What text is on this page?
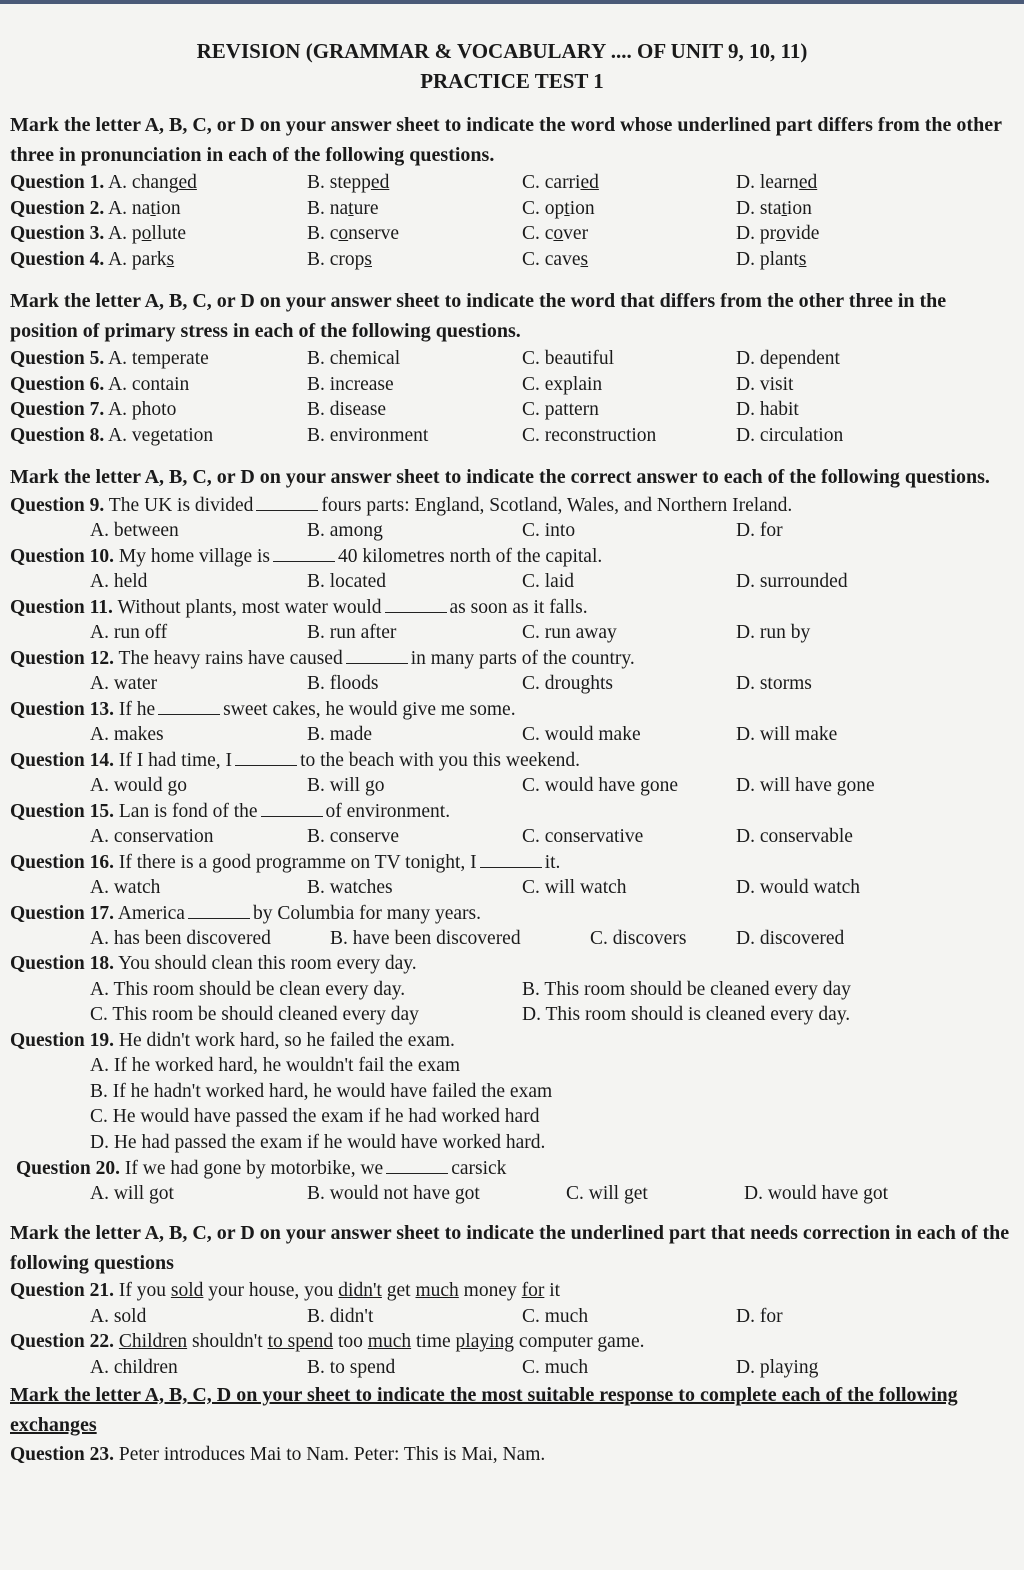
REVISION (GRAMMAR & VOCABULARY .... OF UNIT 9, 10, 11)
PRACTICE TEST 1

Mark the letter A, B, C, or D on your answer sheet to indicate the word whose underlined part differs from the other three in pronunciation in each of the following questions.

Question 1. A. changed	B. stepped	C. carried	D. learned
Question 2. A. nation	B. nature	C. option	D. station
Question 3. A. pollute	B. conserve	C. cover	D. provide
Question 4. A. parks	B. crops	C. caves	D. plants

Mark the letter A, B, C, or D on your answer sheet to indicate the word that differs from the other three in the position of primary stress in each of the following questions.

Question 5. A. temperate	B. chemical	C. beautiful	D. dependent
Question 6. A. contain	B. increase	C. explain	D. visit
Question 7. A. photo	B. disease	C. pattern	D. habit
Question 8. A. vegetation	B. environment	C. reconstruction	D. circulation

Mark the letter A, B, C, or D on your answer sheet to indicate the correct answer to each of the following questions.

Question 9. The UK is divided	fours parts: England, Scotland, Wales, and Northern Ireland.
A. between	B. among	C. into	D. for
Question 10. My home village is	40 kilometres north of the capital.
A. held	B. located	C. laid	D. surrounded
Question 11. Without plants, most water would	as soon as it falls.
A. run off	B. run after	C. run away	D. run by
Question 12. The heavy rains have caused	in many parts of the country.
A. water	B. floods	C. droughts	D. storms
Question 13. If he	sweet cakes, he would give me some.
A. makes	B. made	C. would make	D. will make
Question 14. If I had time, I	to the beach with you this weekend.
A. would go	B. will go	C. would have gone	D. will have gone
Question 15. Lan is fond of the	of environment.
A. conservation	B. conserve	C. conservative	D. conservable
Question 16. If there is a good programme on TV tonight, I	it.
A. watch	B. watches	C. will watch	D. would watch
Question 17. America	by Columbia for many years.
A. has been discovered	B. have been discovered	C. discovers	D. discovered
Question 18. You should clean this room every day.
A. This room should be clean every day.	B. This room should be cleaned every day
C. This room be should cleaned every day	D. This room should is cleaned every day.
Question 19. He didn't work hard, so he failed the exam.
A. If he worked hard, he wouldn't fail the exam
B. If he hadn't worked hard, he would have failed the exam
C. He would have passed the exam if he had worked hard
D. He had passed the exam if he would have worked hard.
Question 20. If we had gone by motorbike, we	carsick
A. will got	B. would not have got	C. will get	D. would have got

Mark the letter A, B, C, or D on your answer sheet to indicate the underlined part that needs correction in each of the following questions

Question 21. If you sold your house, you didn't get much money for it
A. sold	B. didn't	C. much	D. for
Question 22. Children shouldn't to spend too much time playing computer game.
A. children	B. to spend	C. much	D. playing

Mark the letter A, B, C, D on your sheet to indicate the most suitable response to complete each of the following exchanges

Question 23. Peter introduces Mai to Nam. Peter: This is Mai, Nam.
